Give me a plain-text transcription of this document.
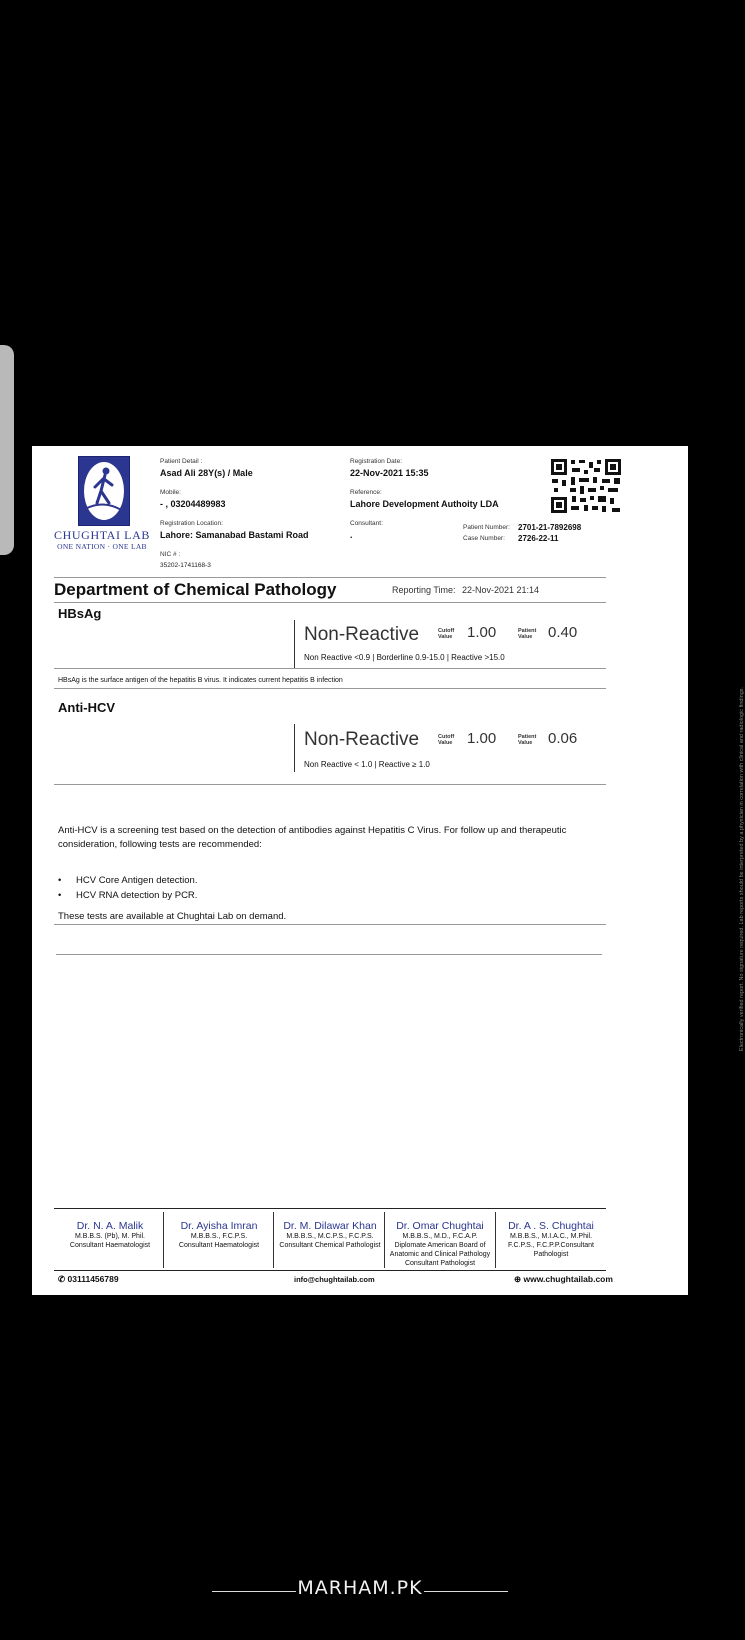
CHUGHTAI LAB
ONE NATION · ONE LAB
Patient Detail :
Asad Ali 28Y(s) / Male
Mobile:
- , 03204489983
Registration Location:
Lahore: Samanabad Bastami Road
NIC # :
35202-1741168-3
Registration Date:
22-Nov-2021 15:35
Reference:
Lahore Development Authoity LDA
Consultant:
.
Patient Number: 2701-21-7892698
Case Number: 2726-22-11
Department of Chemical Pathology	Reporting Time: 22-Nov-2021 21:14
HBsAg
Non-Reactive	Cutoff
Value 1.00	Patient
Value 0.40
Non Reactive <0.9 | Borderline 0.9-15.0 | Reactive >15.0
HBsAg is the surface antigen of the hepatitis B virus. It indicates current hepatitis B infection
Anti-HCV
Non-Reactive	Cutoff
Value 1.00	Patient
Value 0.06
Non Reactive < 1.0 | Reactive ≥ 1.0
Anti-HCV is a screening test based on the detection of antibodies against Hepatitis C Virus. For follow up and therapeutic consideration, following tests are recommended:
• HCV Core Antigen detection.
• HCV RNA detection by PCR.
These tests are available at Chughtai Lab on demand.	Electronically verified report. No signature required. Lab reports should be interpreted by a physician in correlation with clinical and radiologic findings.
Dr. N. A. Malik
M.B.B.S. (Pb), M. Phil.
Consultant Haematologist
Dr. Ayisha Imran
M.B.B.S., F.C.P.S.
Consultant Haematologist
Dr. M. Dilawar Khan
M.B.B.S., M.C.P.S., F.C.P.S.
Consultant Chemical Pathologist
Dr. Omar Chughtai
M.B.B.S., M.D., F.C.A.P.
Diplomate American Board of
Anatomic and Clinical Pathology
Consultant Pathologist
Dr. A . S. Chughtai
M.B.B.S., M.I.A.C., M.Phil.
F.C.P.S., F.C.P.P.Consultant
Pathologist
✆ 03111456789	info@chughtailab.com	⊕ www.chughtailab.com
MARHAM.PK
